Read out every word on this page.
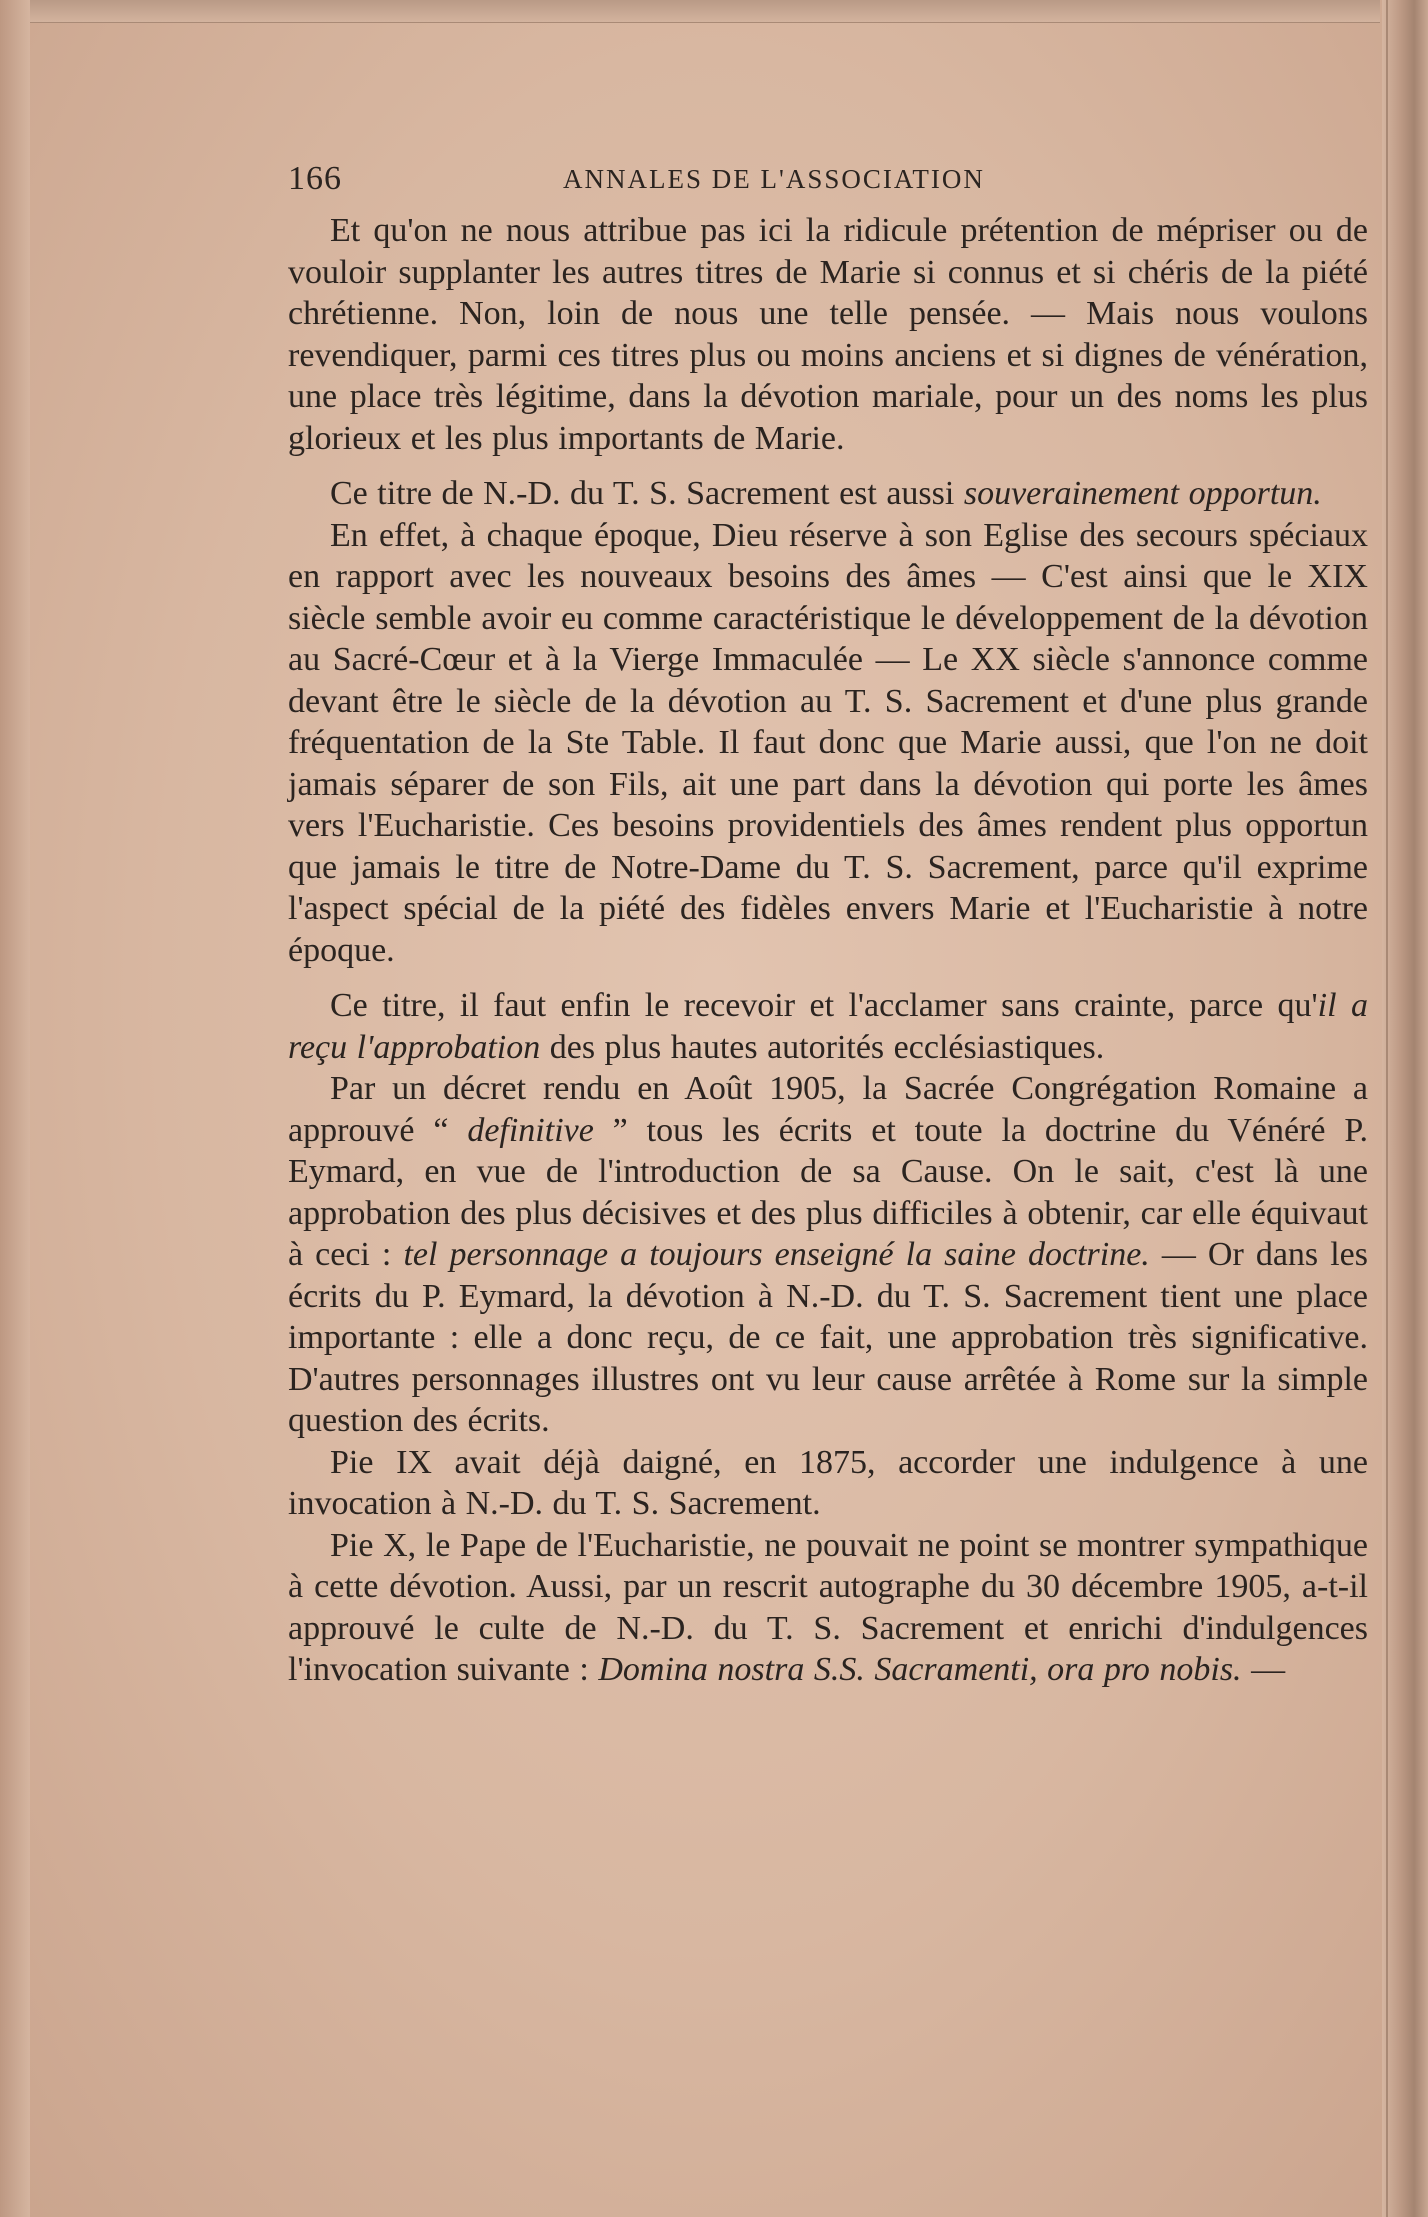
166	ANNALES DE L'ASSOCIATION

Et qu'on ne nous attribue pas ici la ridicule prétention de mépriser ou de vouloir supplanter les autres titres de Marie si connus et si chéris de la piété chrétienne. Non, loin de nous une telle pensée. — Mais nous voulons revendiquer, parmi ces titres plus ou moins anciens et si dignes de vénération, une place très légitime, dans la dévotion mariale, pour un des noms les plus glorieux et les plus importants de Marie.

Ce titre de N.-D. du T. S. Sacrement est aussi souverainement opportun.

En effet, à chaque époque, Dieu réserve à son Eglise des secours spéciaux en rapport avec les nouveaux besoins des âmes — C'est ainsi que le XIX siècle semble avoir eu comme caractéristique le développement de la dévotion au Sacré-Cœur et à la Vierge Immaculée — Le XX siècle s'annonce comme devant être le siècle de la dévotion au T. S. Sacrement et d'une plus grande fréquentation de la Ste Table. Il faut donc que Marie aussi, que l'on ne doit jamais séparer de son Fils, ait une part dans la dévotion qui porte les âmes vers l'Eucharistie. Ces besoins providentiels des âmes rendent plus opportun que jamais le titre de Notre-Dame du T. S. Sacrement, parce qu'il exprime l'aspect spécial de la piété des fidèles envers Marie et l'Eucharistie à notre époque.

Ce titre, il faut enfin le recevoir et l'acclamer sans crainte, parce qu'il a reçu l'approbation des plus hautes autorités ecclésiastiques.

Par un décret rendu en Août 1905, la Sacrée Congrégation Romaine a approuvé “ definitive ” tous les écrits et toute la doctrine du Vénéré P. Eymard, en vue de l'introduction de sa Cause. On le sait, c'est là une approbation des plus décisives et des plus difficiles à obtenir, car elle équivaut à ceci : tel personnage a toujours enseigné la saine doctrine. — Or dans les écrits du P. Eymard, la dévotion à N.-D. du T. S. Sacrement tient une place importante : elle a donc reçu, de ce fait, une approbation très significative. D'autres personnages illustres ont vu leur cause arrêtée à Rome sur la simple question des écrits.

Pie IX avait déjà daigné, en 1875, accorder une indulgence à une invocation à N.-D. du T. S. Sacrement.

Pie X, le Pape de l'Eucharistie, ne pouvait ne point se montrer sympathique à cette dévotion. Aussi, par un rescrit autographe du 30 décembre 1905, a-t-il approuvé le culte de N.-D. du T. S. Sacrement et enrichi d'indulgences l'invocation suivante : Domina nostra S.S. Sacramenti, ora pro nobis. —
